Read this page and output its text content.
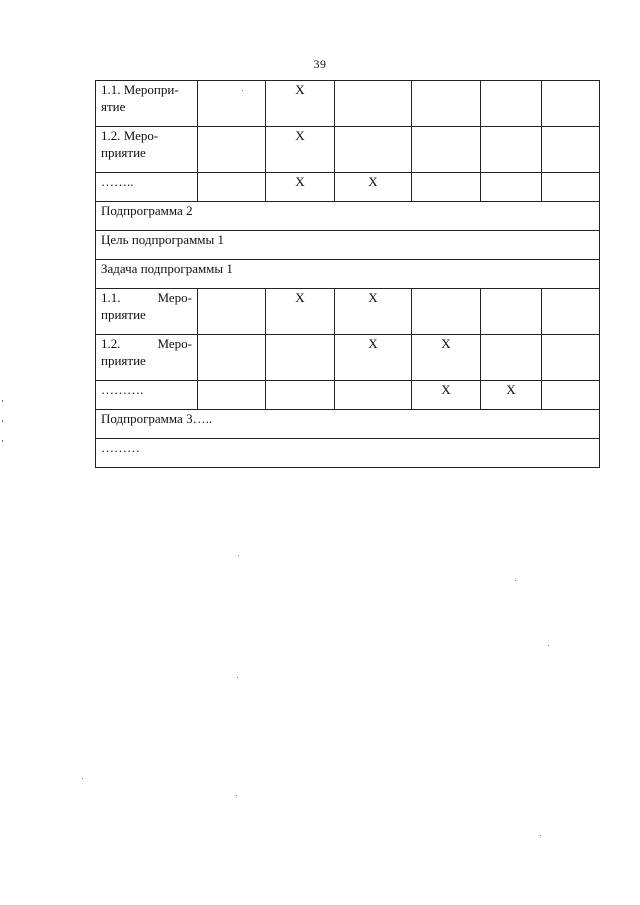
39
1.1. Меропри-
ятие		X				

1.2. Меро-
приятие		X				

……..		X	X			
Подпрограмма 2						
Цель подпрограммы 1						
Задача подпрограммы 1						

1.1. Меро-
приятие		X	X			

1.2. Меро-
приятие			X	X		

……….				X	X	
Подпрограмма 3…..						
………						
